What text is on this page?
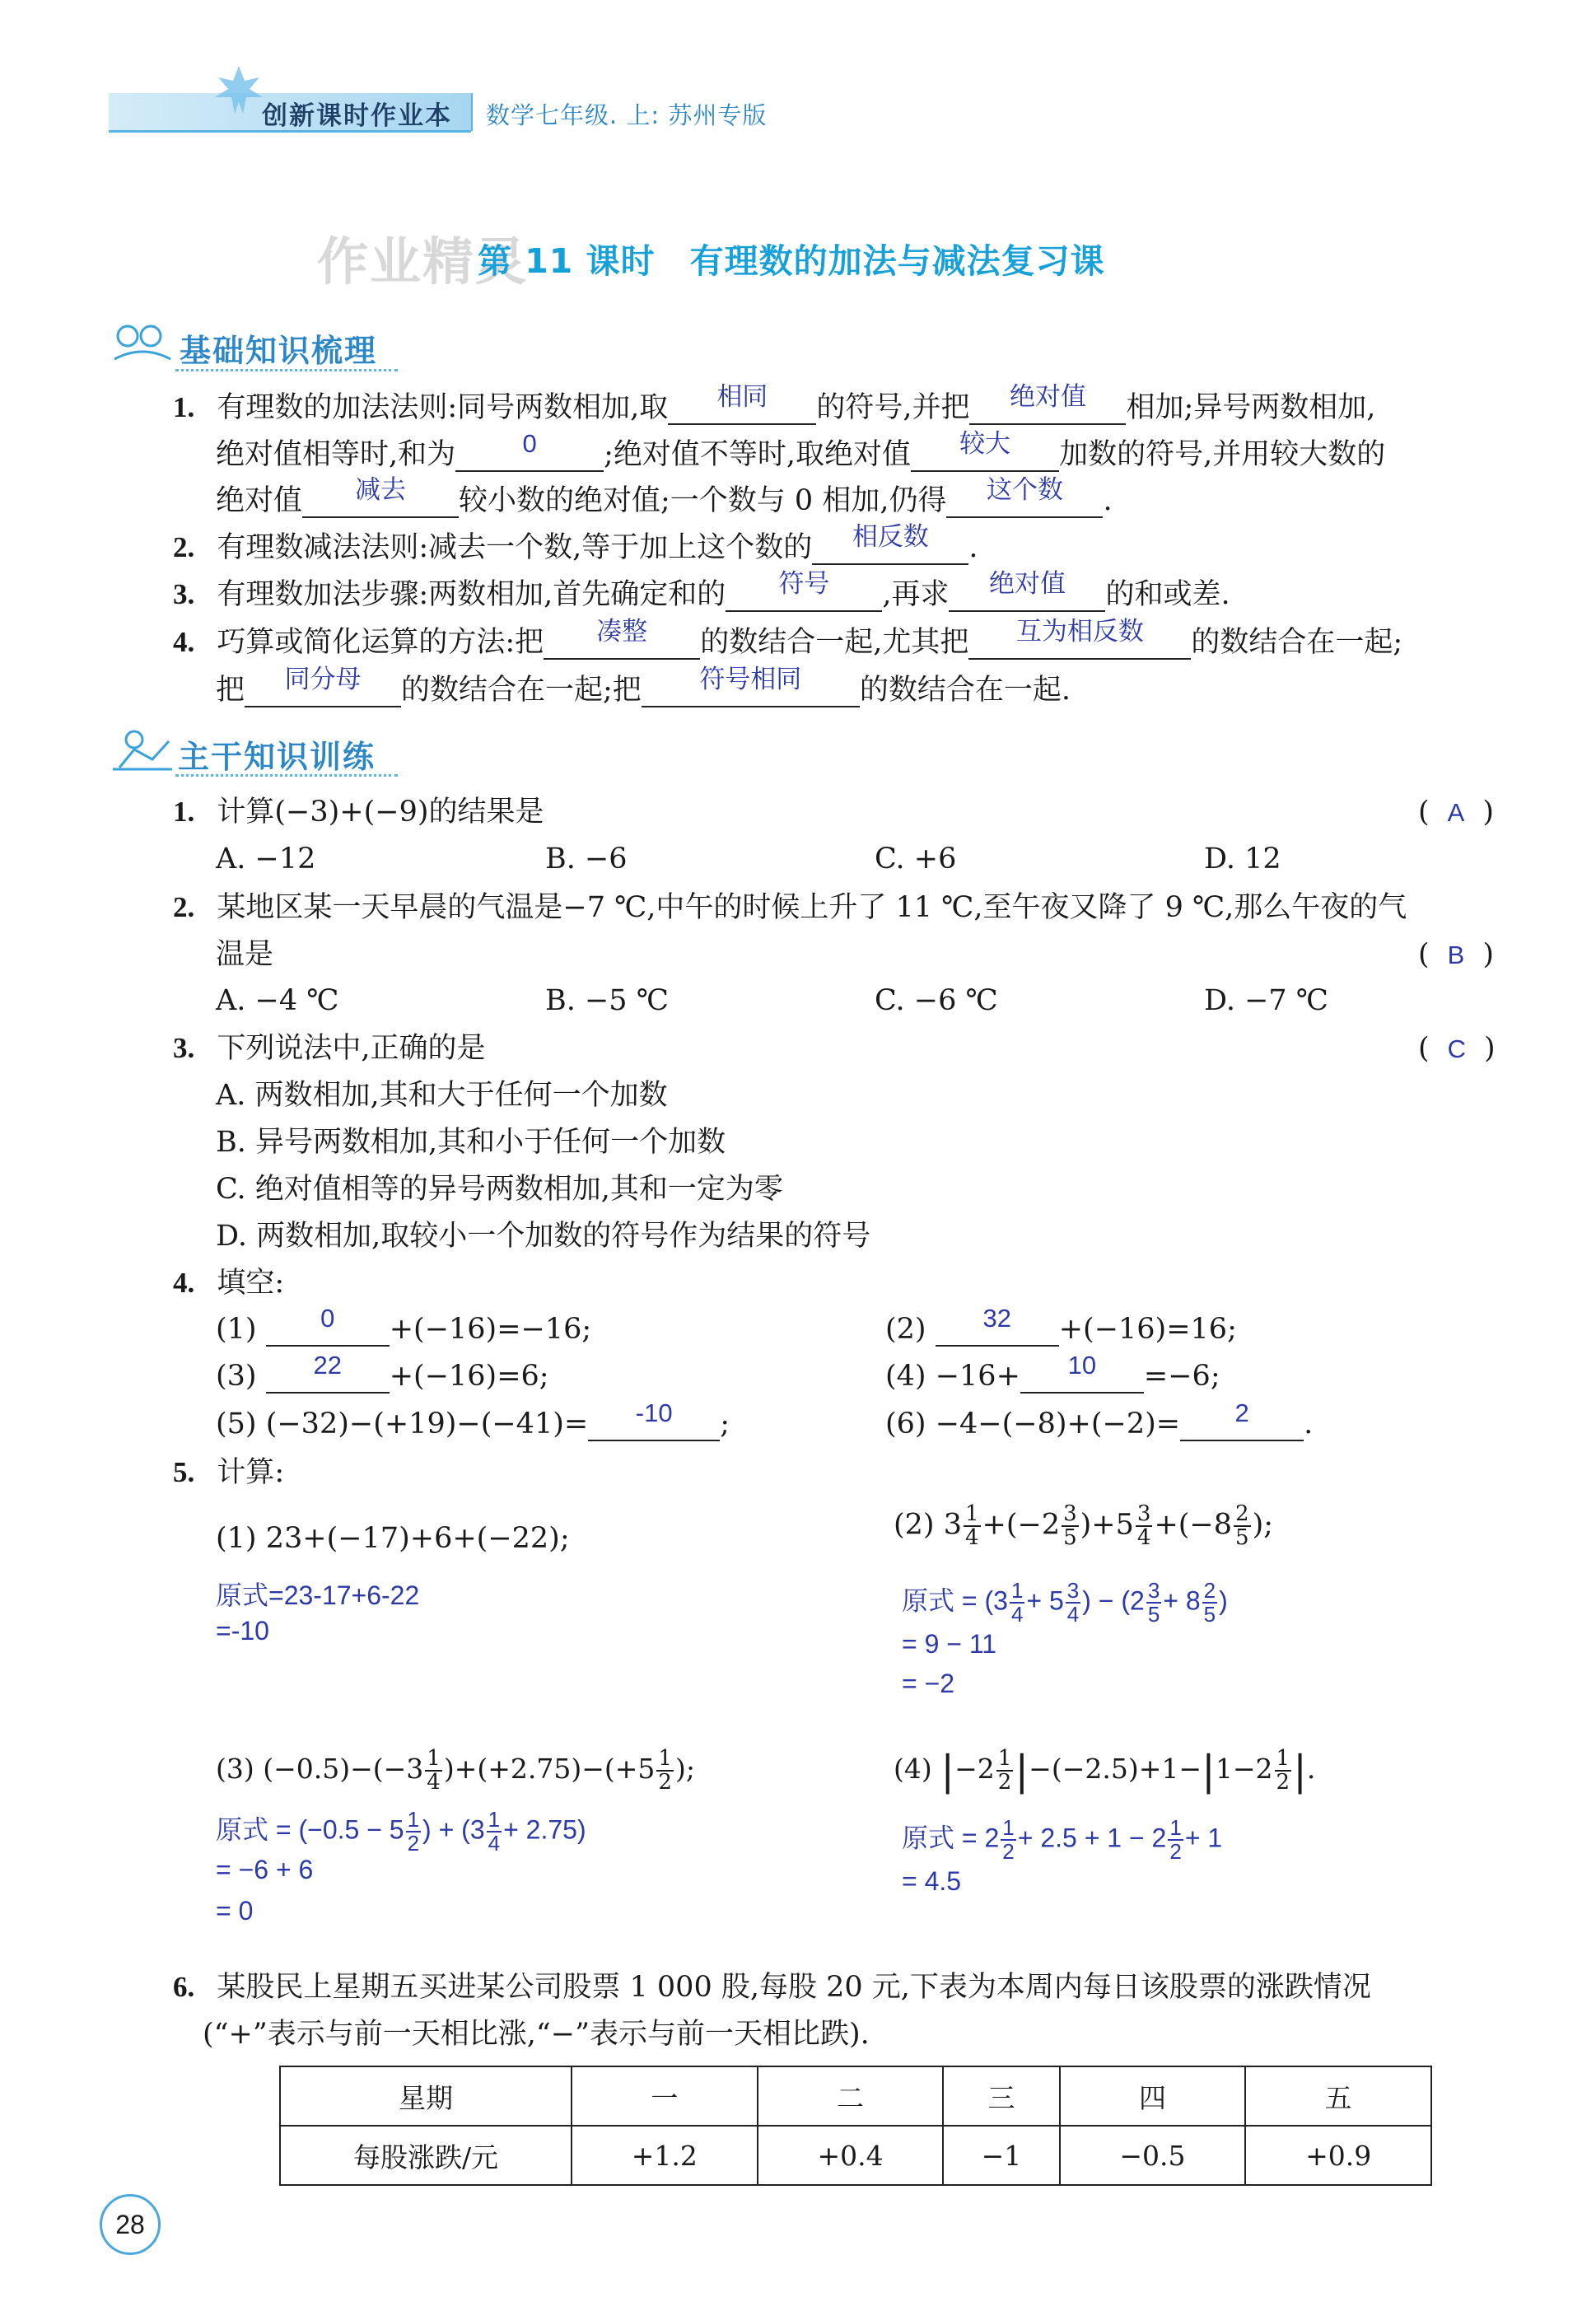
创新课时作业本 数学七年级. 上: 苏州专版
作业精灵
第 11 课时　有理数的加法与减法复习课
基础知识梳理
1. 有理数的加法法则:同号两数相加,取 相同 的符号,并把 绝对值 相加;异号两数相加,
绝对值相等时,和为	0 ;绝对值不等时,取绝对值 较大 加数的符号,并用较大数的
绝对值 减去 较小数的绝对值;一个数与 0 相加,仍得 这个数 .
2. 有理数减法法则:减去一个数,等于加上这个数的 相反数 .
3. 有理数加法步骤:两数相加,首先确定和的 符号 ,再求 绝对值 的和或差.
4. 巧算或简化运算的方法:把 凑整 的数结合一起,尤其把 互为相反数 的数结合在一起;
把 同分母 的数结合在一起;把 符号相同 的数结合在一起.
主干知识训练
1. 计算(−3)+(−9)的结果是	( A )
A. −12	B. −6	C. +6	D. 12
2. 某地区某一天早晨的气温是−7 ℃,中午的时候上升了 11 ℃,至午夜又降了 9 ℃,那么午夜的气
温是	( B )
A. −4 ℃	B. −5 ℃	C. −6 ℃	D. −7 ℃
3. 下列说法中,正确的是	( C )
A. 两数相加,其和大于任何一个加数
B. 异号两数相加,其和小于任何一个加数
C. 绝对值相等的异号两数相加,其和一定为零
D. 两数相加,取较小一个加数的符号作为结果的符号
4. 填空:
(1)	0 +(−16)=−16;	(2) 32 +(−16)=16;
(3) 22 +(−16)=6;	(4) −16+ 10 =−6;
(5) (−32)−(+19)−(−41)= -10 ;	(6) −4−(−8)+(−2)= 2 .
5. 计算:
(1) 23+(−17)+6+(−22);
原式=23-17+6-22
=-10
(2) $3 \frac{1}{4} +(-2 \frac{3}{5} )+5 \frac{3}{4} +(-8 \frac{2}{5}$ );
原式 = ($3 \frac{1}{4} + 5 \frac{3}{4}$ ) − ($2 \frac{3}{5} + 8 \frac{2}{5}$ )
= 9 − 11
= −2
(3) $(-0.5)-(-3 \frac{1}{4} )+(+2.75)-(+5 \frac{1}{2}$ );
原式 = ($-0.5 - 5 \frac{1}{2}$ ) + $(3 \frac{1}{4} + 2.75)$
= −6 + 6
= 0
(4) $|-2 \frac{1}{2} |-(-2.5)+1-|1-2 \frac{1}{2}$ |.
原式 = $2 \frac{1}{2} + 2.5 + 1 - 2 \frac{1}{2} + 1$
= 4.5
6. 某股民上星期五买进某公司股票 1 000 股,每股 20 元,下表为本周内每日该股票的涨跌情况
(“+”表示与前一天相比涨,“−”表示与前一天相比跌).
星期	一	二	三	四	五
每股涨跌/元	+1.2	+0.4	−1	−0.5	+0.9
28
